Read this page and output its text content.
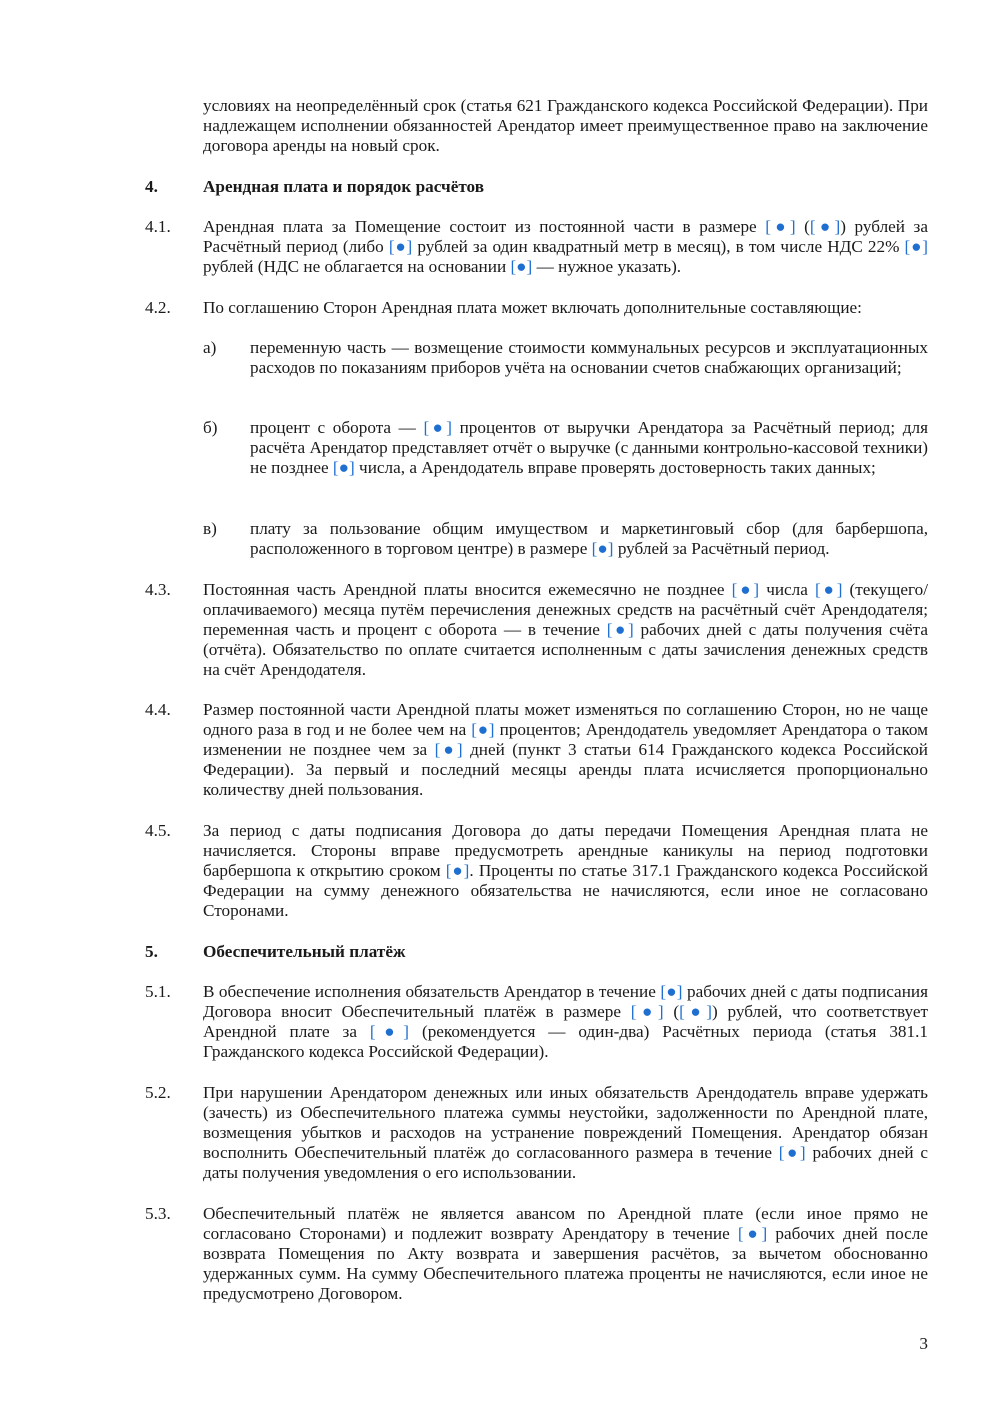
условиях на неопределённый срок (статья 621 Гражданского кодекса Российской Федерации). При надлежащем исполнении обязанностей Арендатор имеет преимущественное право на заключение договора аренды на новый срок.
4.	Арендная плата и порядок расчётов
4.1. Арендная плата за Помещение состоит из постоянной части в размере [●] ([●]) рублей за Расчётный период (либо [●] рублей за один квадратный метр в месяц), в том числе НДС 22% [●] рублей (НДС не облагается на основании [●] — нужное указать).
4.2. По соглашению Сторон Арендная плата может включать дополнительные составляющие:
а) переменную часть — возмещение стоимости коммунальных ресурсов и эксплуатационных расходов по показаниям приборов учёта на основании счетов снабжающих организаций;
б) процент с оборота — [●] процентов от выручки Арендатора за Расчётный период; для расчёта Арендатор представляет отчёт о выручке (с данными контрольно-кассовой техники) не позднее [●] числа, а Арендодатель вправе проверять достоверность таких данных;
в) плату за пользование общим имуществом и маркетинговый сбор (для барбершопа, расположенного в торговом центре) в размере [●] рублей за Расчётный период.
4.3. Постоянная часть Арендной платы вносится ежемесячно не позднее [●] числа [●] (текущего/оплачиваемого) месяца путём перечисления денежных средств на расчётный счёт Арендодателя; переменная часть и процент с оборота — в течение [●] рабочих дней с даты получения счёта (отчёта). Обязательство по оплате считается исполненным с даты зачисления денежных средств на счёт Арендодателя.
4.4. Размер постоянной части Арендной платы может изменяться по соглашению Сторон, но не чаще одного раза в год и не более чем на [●] процентов; Арендодатель уведомляет Арендатора о таком изменении не позднее чем за [●] дней (пункт 3 статьи 614 Гражданского кодекса Российской Федерации). За первый и последний месяцы аренды плата исчисляется пропорционально количеству дней пользования.
4.5. За период с даты подписания Договора до даты передачи Помещения Арендная плата не начисляется. Стороны вправе предусмотреть арендные каникулы на период подготовки барбершопа к открытию сроком [●]. Проценты по статье 317.1 Гражданского кодекса Российской Федерации на сумму денежного обязательства не начисляются, если иное не согласовано Сторонами.
5.	Обеспечительный платёж
5.1. В обеспечение исполнения обязательств Арендатор в течение [●] рабочих дней с даты подписания Договора вносит Обеспечительный платёж в размере [●] ([●]) рублей, что соответствует Арендной плате за [●] (рекомендуется — один-два) Расчётных периода (статья 381.1 Гражданского кодекса Российской Федерации).
5.2. При нарушении Арендатором денежных или иных обязательств Арендодатель вправе удержать (зачесть) из Обеспечительного платежа суммы неустойки, задолженности по Арендной плате, возмещения убытков и расходов на устранение повреждений Помещения. Арендатор обязан восполнить Обеспечительный платёж до согласованного размера в течение [●] рабочих дней с даты получения уведомления о его использовании.
5.3. Обеспечительный платёж не является авансом по Арендной плате (если иное прямо не согласовано Сторонами) и подлежит возврату Арендатору в течение [●] рабочих дней после возврата Помещения по Акту возврата и завершения расчётов, за вычетом обоснованно удержанных сумм. На сумму Обеспечительного платежа проценты не начисляются, если иное не предусмотрено Договором.
3
